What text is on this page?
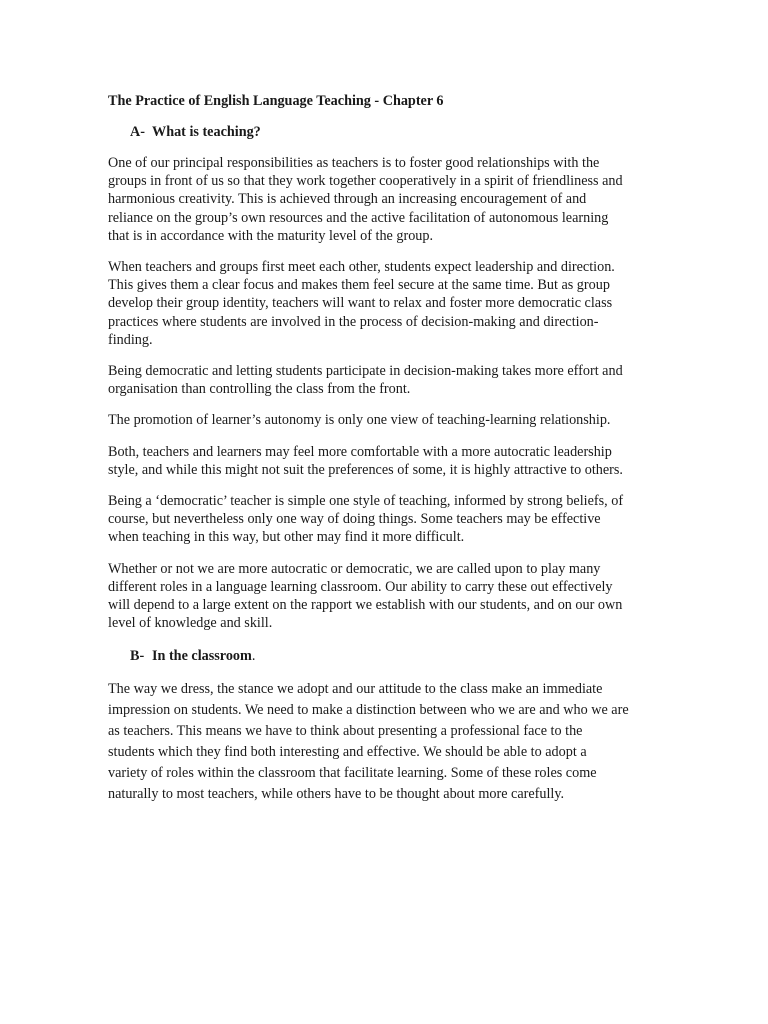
The Practice of English Language Teaching - Chapter 6
A- What is teaching?
One of our principal responsibilities as teachers is to foster good relationships with the
groups in front of us so that they work together cooperatively in a spirit of friendliness and
harmonious creativity. This is achieved through an increasing encouragement of and
reliance on the group’s own resources and the active facilitation of autonomous learning
that is in accordance with the maturity level of the group.
When teachers and groups first meet each other, students expect leadership and direction.
This gives them a clear focus and makes them feel secure at the same time. But as group
develop their group identity, teachers will want to relax and foster more democratic class
practices where students are involved in the process of decision-making and direction-
finding.
Being democratic and letting students participate in decision-making takes more effort and
organisation than controlling the class from the front.
The promotion of learner’s autonomy is only one view of teaching-learning relationship.
Both, teachers and learners may feel more comfortable with a more autocratic leadership
style, and while this might not suit the preferences of some, it is highly attractive to others.
Being a ‘democratic’ teacher is simple one style of teaching, informed by strong beliefs, of
course, but nevertheless only one way of doing things. Some teachers may be effective
when teaching in this way, but other may find it more difficult.
Whether or not we are more autocratic or democratic, we are called upon to play many
different roles in a language learning classroom. Our ability to carry these out effectively
will depend to a large extent on the rapport we establish with our students, and on our own
level of knowledge and skill.
B- In the classroom.
The way we dress, the stance we adopt and our attitude to the class make an immediate
impression on students. We need to make a distinction between who we are and who we are
as teachers. This means we have to think about presenting a professional face to the
students which they find both interesting and effective. We should be able to adopt a
variety of roles within the classroom that facilitate learning. Some of these roles come
naturally to most teachers, while others have to be thought about more carefully.
